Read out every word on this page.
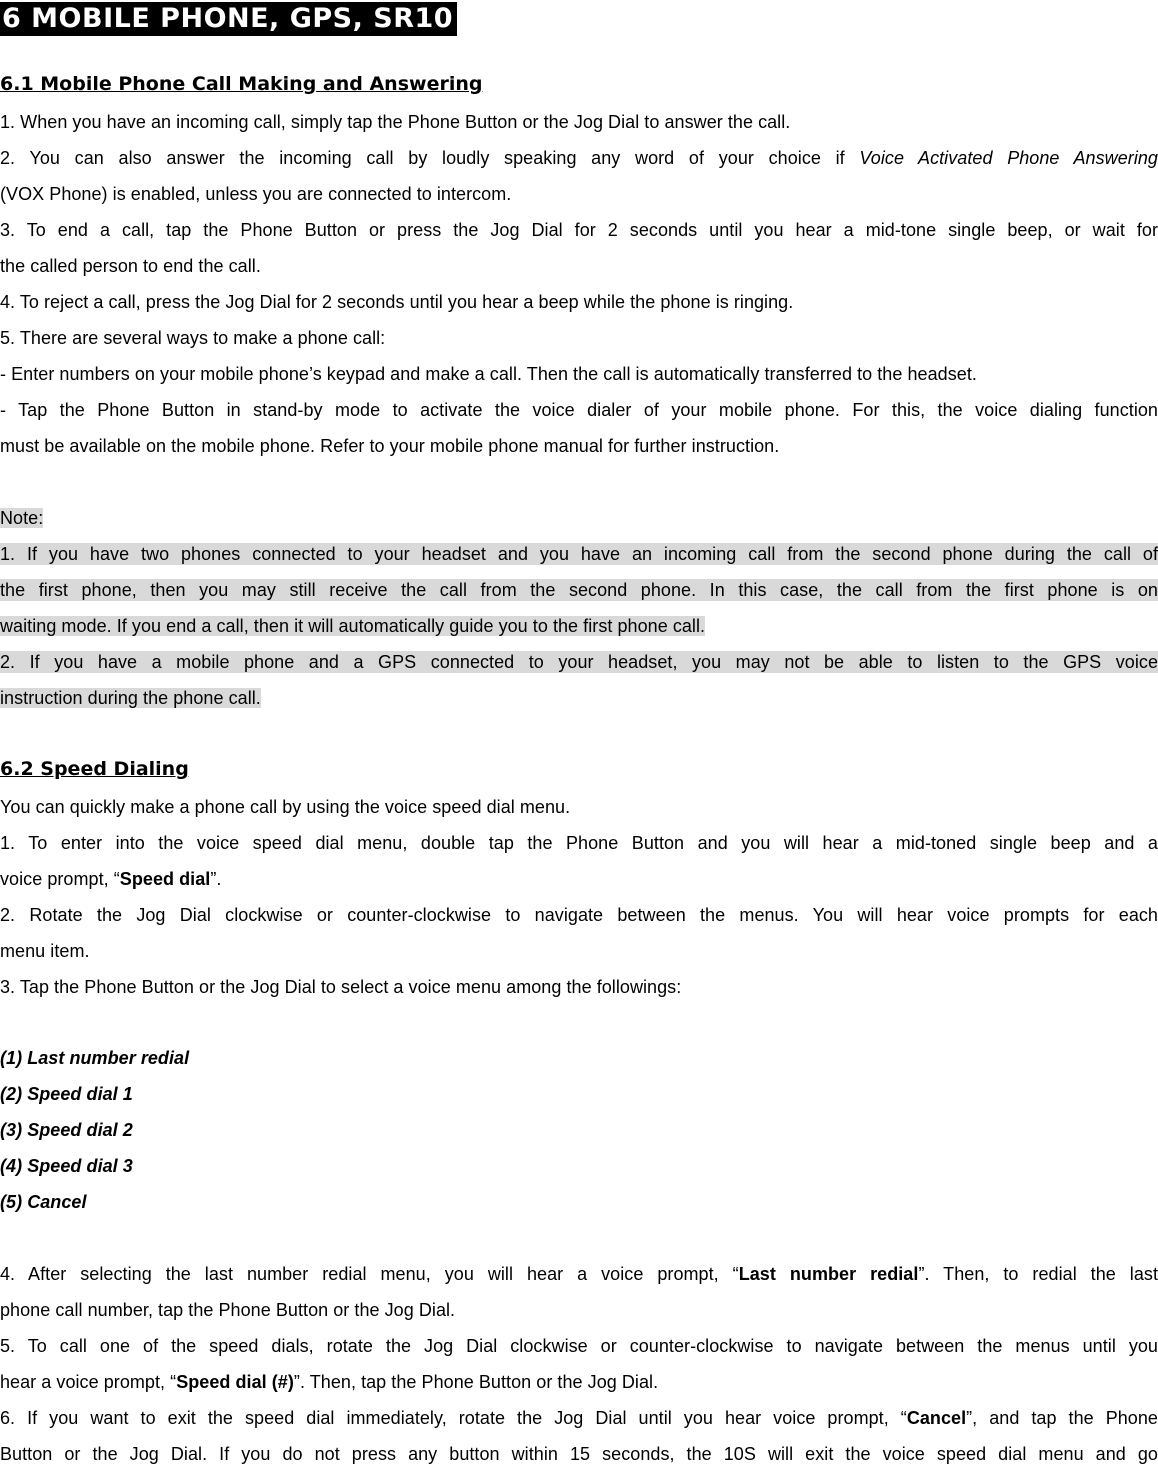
6 MOBILE PHONE, GPS, SR10
6.1 Mobile Phone Call Making and Answering
1. When you have an incoming call, simply tap the Phone Button or the Jog Dial to answer the call.
2. You can also answer the incoming call by loudly speaking any word of your choice if Voice Activated Phone Answering
(VOX Phone) is enabled, unless you are connected to intercom.
3. To end a call, tap the Phone Button or press the Jog Dial for 2 seconds until you hear a mid-tone single beep, or wait for
the called person to end the call.
4. To reject a call, press the Jog Dial for 2 seconds until you hear a beep while the phone is ringing.
5. There are several ways to make a phone call:
- Enter numbers on your mobile phone’s keypad and make a call. Then the call is automatically transferred to the headset.
- Tap the Phone Button in stand-by mode to activate the voice dialer of your mobile phone. For this, the voice dialing function
must be available on the mobile phone. Refer to your mobile phone manual for further instruction.
Note:
1. If you have two phones connected to your headset and you have an incoming call from the second phone during the call of
the first phone, then you may still receive the call from the second phone. In this case, the call from the first phone is on
waiting mode. If you end a call, then it will automatically guide you to the first phone call.
2. If you have a mobile phone and a GPS connected to your headset, you may not be able to listen to the GPS voice
instruction during the phone call.
6.2 Speed Dialing
You can quickly make a phone call by using the voice speed dial menu.
1. To enter into the voice speed dial menu, double tap the Phone Button and you will hear a mid-toned single beep and a
voice prompt, “Speed dial”.
2. Rotate the Jog Dial clockwise or counter-clockwise to navigate between the menus. You will hear voice prompts for each
menu item.
3. Tap the Phone Button or the Jog Dial to select a voice menu among the followings:
(1) Last number redial
(2) Speed dial 1
(3) Speed dial 2
(4) Speed dial 3
(5) Cancel
4. After selecting the last number redial menu, you will hear a voice prompt, “Last number redial”. Then, to redial the last
phone call number, tap the Phone Button or the Jog Dial.
5. To call one of the speed dials, rotate the Jog Dial clockwise or counter-clockwise to navigate between the menus until you
hear a voice prompt, “Speed dial (#)”. Then, tap the Phone Button or the Jog Dial.
6. If you want to exit the speed dial immediately, rotate the Jog Dial until you hear voice prompt, “Cancel”, and tap the Phone
Button or the Jog Dial. If you do not press any button within 15 seconds, the 10S will exit the voice speed dial menu and go
